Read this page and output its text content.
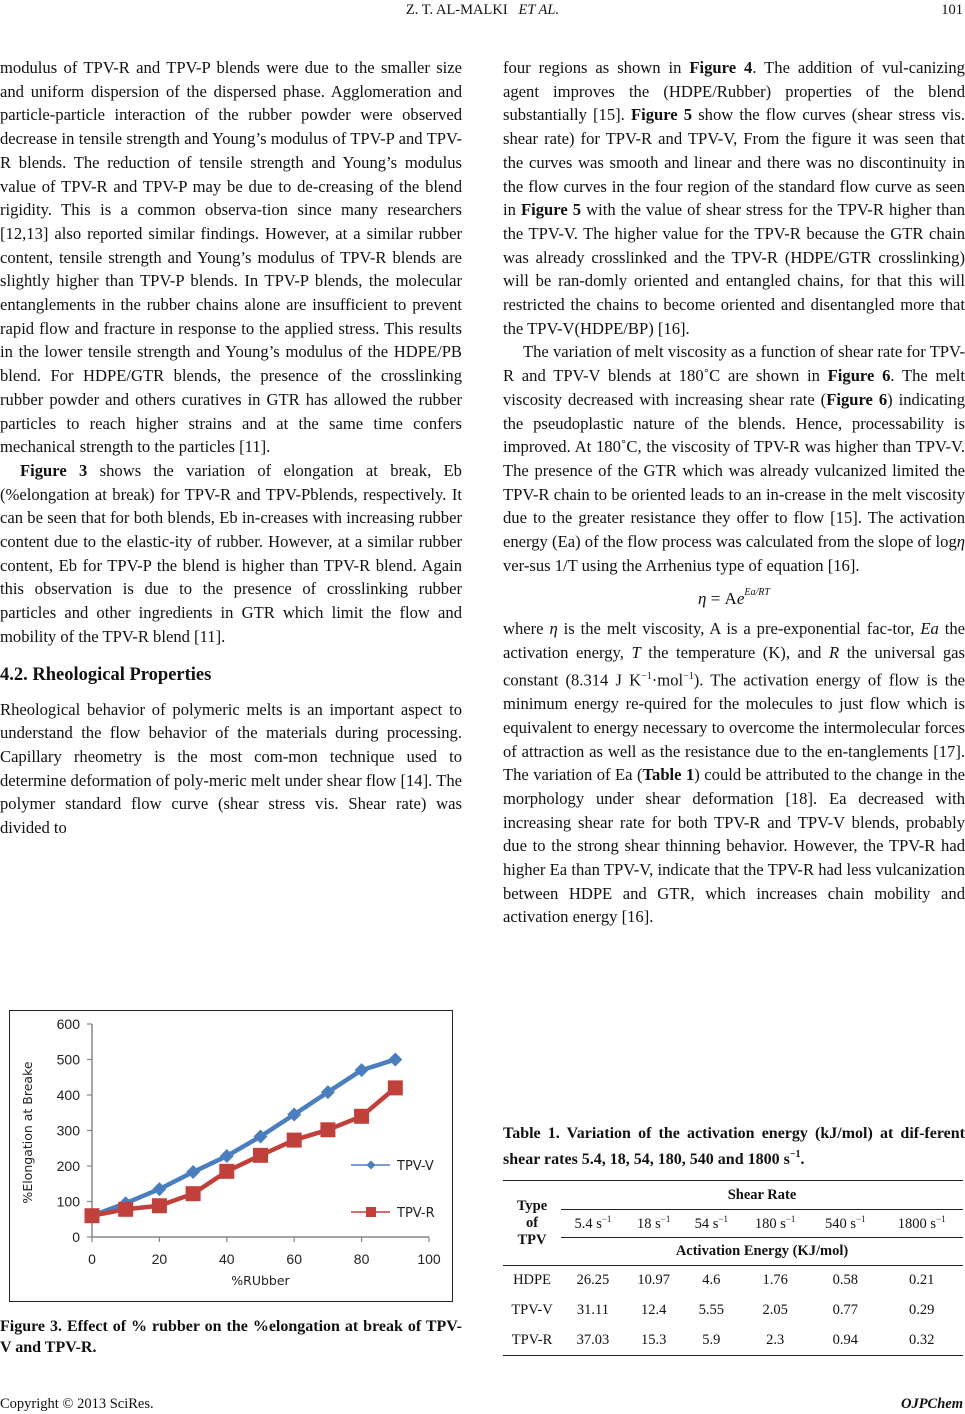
Z. T. AL-MALKI ET AL.	101

modulus of TPV-R and TPV-P blends were due to the smaller size and uniform dispersion of the dispersed phase. Agglomeration and particle-particle interaction of the rubber powder were observed decrease in tensile strength and Young’s modulus of TPV-P and TPV-R blends. The reduction of tensile strength and Young’s modulus value of TPV-R and TPV-P may be due to de-creasing of the blend rigidity. This is a common observa-tion since many researchers [12,13] also reported similar findings. However, at a similar rubber content, tensile strength and Young’s modulus of TPV-R blends are slightly higher than TPV-P blends. In TPV-P blends, the molecular entanglements in the rubber chains alone are insufficient to prevent rapid flow and fracture in response to the applied stress. This results in the lower tensile strength and Young’s modulus of the HDPE/PB blend. For HDPE/GTR blends, the presence of the crosslinking rubber powder and others curatives in GTR has allowed the rubber particles to reach higher strains and at the same time confers mechanical strength to the particles [11].

Figure 3 shows the variation of elongation at break, Eb (%elongation at break) for TPV-R and TPV-Pblends, respectively. It can be seen that for both blends, Eb in-creases with increasing rubber content due to the elastic-ity of rubber. However, at a similar rubber content, Eb for TPV-P the blend is higher than TPV-R blend. Again this observation is due to the presence of crosslinking rubber particles and other ingredients in GTR which limit the flow and mobility of the TPV-R blend [11].

4.2. Rheological Properties

Rheological behavior of polymeric melts is an important aspect to understand the flow behavior of the materials during processing. Capillary rheometry is the most com-mon technique used to determine deformation of poly-meric melt under shear flow [14]. The polymer standard flow curve (shear stress vis. Shear rate) was divided to

0
100
200
300
400
500
600
0	20	40	60	80	100
%RUbber
%Elongation at Breake	TPV-V
TPV-R
Figure 3. Effect of % rubber on the %elongation at break of TPV-V and TPV-R.

four regions as shown in Figure 4. The addition of vul-canizing agent improves the (HDPE/Rubber) properties of the blend substantially [15]. Figure 5 show the flow curves (shear stress vis. shear rate) for TPV-R and TPV-V, From the figure it was seen that the curves was smooth and linear and there was no discontinuity in the flow curves in the four region of the standard flow curve as seen in Figure 5 with the value of shear stress for the TPV-R higher than the TPV-V. The higher value for the TPV-R because the GTR chain was already crosslinked and the TPV-R (HDPE/GTR crosslinking) will be ran-domly oriented and entangled chains, for that this will restricted the chains to become oriented and disentangled more that the TPV-V(HDPE/BP) [16].

The variation of melt viscosity as a function of shear rate for TPV-R and TPV-V blends at 180˚C are shown in Figure 6. The melt viscosity decreased with increasing shear rate (Figure 6) indicating the pseudoplastic nature of the blends. Hence, processability is improved. At 180˚C, the viscosity of TPV-R was higher than TPV-V. The presence of the GTR which was already vulcanized limited the TPV-R chain to be oriented leads to an in-crease in the melt viscosity due to the greater resistance they offer to flow [15]. The activation energy (Ea) of the flow process was calculated from the slope of logη ver-sus 1/T using the Arrhenius type of equation [16].

$\eta = Ae^{Ea/RT}$

where η is the melt viscosity, A is a pre-exponential fac-tor, Ea the activation energy, T the temperature (K), and R the universal gas constant (8.314 J $K^{-1}\cdot mol^{-1}$). The activation energy of flow is the minimum energy re-quired for the molecules to just flow which is equivalent to energy necessary to overcome the intermolecular forces of attraction as well as the resistance due to the en-tanglements [17]. The variation of Ea (Table 1) could be attributed to the change in the morphology under shear deformation [18]. Ea decreased with increasing shear rate for both TPV-R and TPV-V blends, probably due to the strong shear thinning behavior. However, the TPV-R had higher Ea than TPV-V, indicate that the TPV-R had less vulcanization between HDPE and GTR, which increases chain mobility and activation energy [16].

Table 1. Variation of the activation energy (kJ/mol) at dif-ferent shear rates 5.4, 18, 54, 180, 540 and 1800 $s^{-1}$.
Type
of
TPV	Shear Rate					
	5.4 $s^{-1}$	18 $s^{-1}$	54 $s^{-1}$	180 $s^{-1}$	540 $s^{-1}$	1800 $s^{-1}$
	Activation Energy (KJ/mol)					
HDPE	26.25	10.97	4.6	1.76	0.58	0.21
TPV-V	31.11	12.4	5.55	2.05	0.77	0.29
TPV-R	37.03	15.3	5.9	2.3	0.94	0.32
Copyright © 2013 SciRes.	OJPChem
